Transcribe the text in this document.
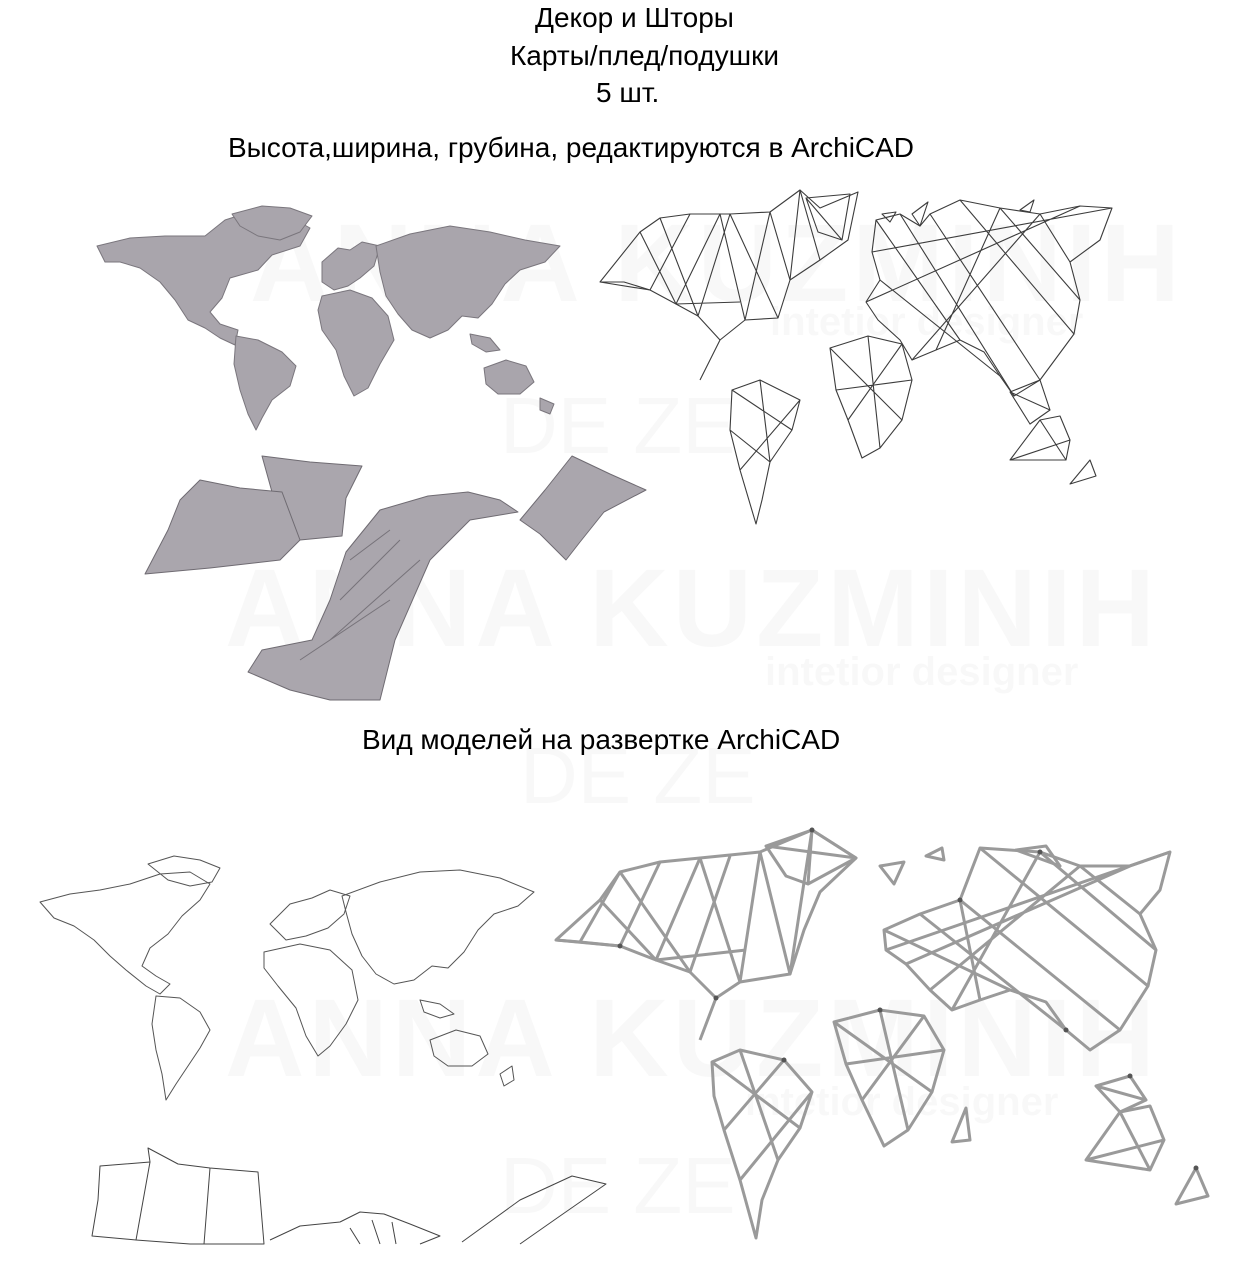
Декор и Шторы
Карты/плед/подушки
5 шт.
Высота,ширина, грубина, редактируются в ArchiCAD
Вид моделей на развертке ArchiCAD
